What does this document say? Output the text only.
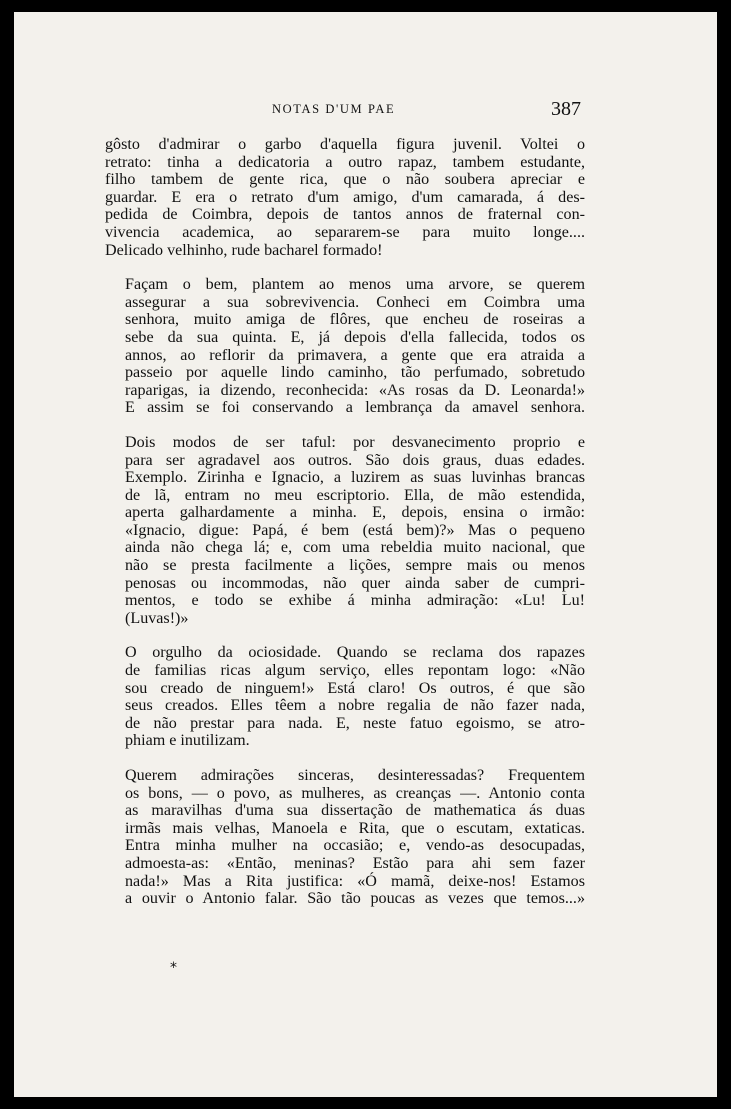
NOTAS D'UM PAE	387

gôsto d'admirar o garbo d'aquella figura juvenil. Voltei o
retrato: tinha a dedicatoria a outro rapaz, tambem estudante,
filho tambem de gente rica, que o não soubera apreciar e
guardar. E era o retrato d'um amigo, d'um camarada, á des-
pedida de Coimbra, depois de tantos annos de fraternal con-
vivencia academica, ao separarem-se para muito longe....
Delicado velhinho, rude bacharel formado!

Façam o bem, plantem ao menos uma arvore, se querem
assegurar a sua sobrevivencia. Conheci em Coimbra uma
senhora, muito amiga de flôres, que encheu de roseiras a
sebe da sua quinta. E, já depois d'ella fallecida, todos os
annos, ao reflorir da primavera, a gente que era atraida a
passeio por aquelle lindo caminho, tão perfumado, sobretudo
raparigas, ia dizendo, reconhecida: «As rosas da D. Leonarda!»
E assim se foi conservando a lembrança da amavel senhora.

Dois modos de ser taful: por desvanecimento proprio e
para ser agradavel aos outros. São dois graus, duas edades.
Exemplo. Zirinha e Ignacio, a luzirem as suas luvinhas brancas
de lã, entram no meu escriptorio. Ella, de mão estendida,
aperta galhardamente a minha. E, depois, ensina o irmão:
«Ignacio, digue: Papá, é bem (está bem)?» Mas o pequeno
ainda não chega lá; e, com uma rebeldia muito nacional, que
não se presta facilmente a lições, sempre mais ou menos
penosas ou incommodas, não quer ainda saber de cumpri-
mentos, e todo se exhibe á minha admiração: «Lu! Lu!
(Luvas!)»

O orgulho da ociosidade. Quando se reclama dos rapazes
de familias ricas algum serviço, elles repontam logo: «Não
sou creado de ninguem!» Está claro! Os outros, é que são
seus creados. Elles têem a nobre regalia de não fazer nada,
de não prestar para nada. E, neste fatuo egoismo, se atro-
phiam e inutilizam.

Querem admirações sinceras, desinteressadas? Frequentem
os bons, — o povo, as mulheres, as creanças —. Antonio conta
as maravilhas d'uma sua dissertação de mathematica ás duas
irmãs mais velhas, Manoela e Rita, que o escutam, extaticas.
Entra minha mulher na occasião; e, vendo-as desocupadas,
admoesta-as: «Então, meninas? Estão para ahi sem fazer
nada!» Mas a Rita justifica: «Ó mamã, deixe-nos! Estamos
a ouvir o Antonio falar. São tão poucas as vezes que temos...»

*
